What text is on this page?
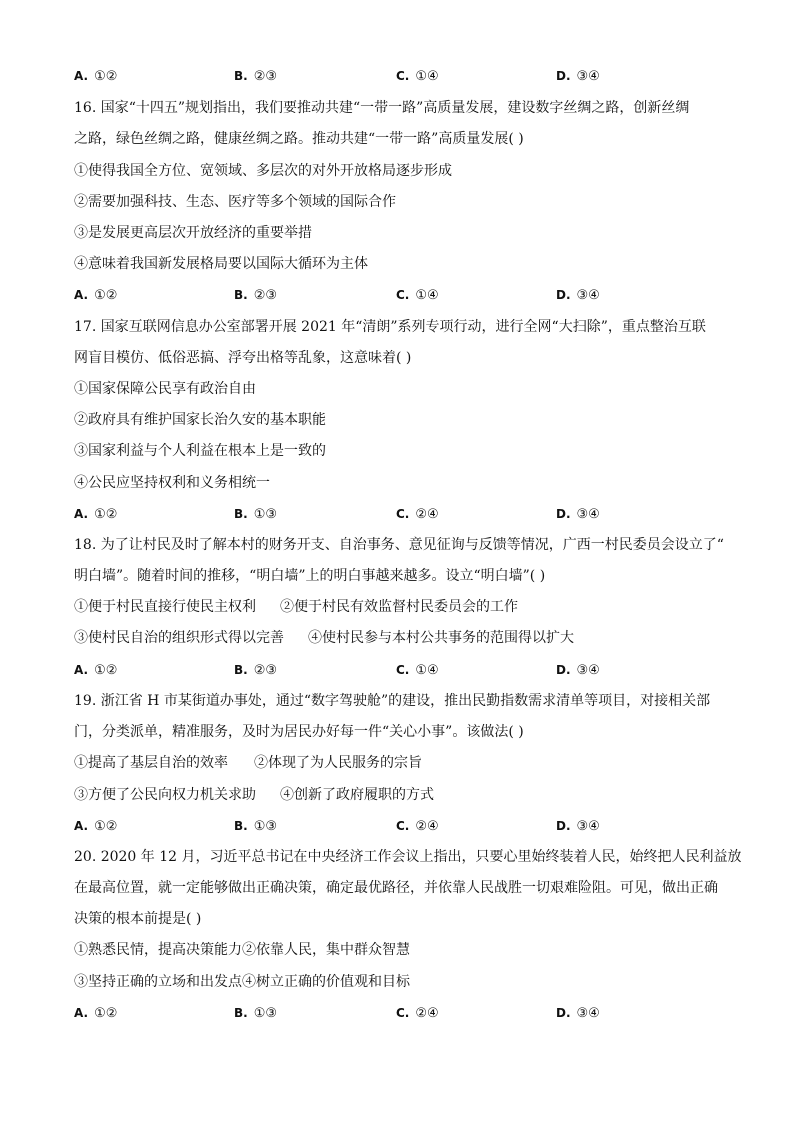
A. ①②	B. ②③	C. ①④	D. ③④
16. 国家“十四五”规划指出，我们要推动共建“一带一路”高质量发展，建设数字丝绸之路，创新丝绸
之路，绿色丝绸之路，健康丝绸之路。推动共建“一带一路”高质量发展( )
①使得我国全方位、宽领域、多层次的对外开放格局逐步形成
②需要加强科技、生态、医疗等多个领域的国际合作
③是发展更高层次开放经济的重要举措
④意味着我国新发展格局要以国际大循环为主体
A. ①②	B. ②③	C. ①④	D. ③④
17. 国家互联网信息办公室部署开展 2021 年“清朗”系列专项行动，进行全网“大扫除”，重点整治互联
网盲目模仿、低俗恶搞、浮夸出格等乱象，这意味着( )
①国家保障公民享有政治自由
②政府具有维护国家长治久安的基本职能
③国家利益与个人利益在根本上是一致的
④公民应坚持权利和义务相统一
A. ①②	B. ①③	C. ②④	D. ③④
18. 为了让村民及时了解本村的财务开支、自治事务、意见征询与反馈等情况，广西一村民委员会设立了“
明白墙”。随着时间的推移，“明白墙”上的明白事越来越多。设立“明白墙”( )
①便于村民直接行使民主权利 ②便于村民有效监督村民委员会的工作
③使村民自治的组织形式得以完善 ④使村民参与本村公共事务的范围得以扩大
A. ①②	B. ②③	C. ①④	D. ③④
19. 浙江省 H 市某街道办事处，通过“数字驾驶舱”的建设，推出民勤指数需求清单等项目，对接相关部
门，分类派单，精准服务，及时为居民办好每一件“关心小事”。该做法( )
①提高了基层自治的效率 ②体现了为人民服务的宗旨
③方便了公民向权力机关求助 ④创新了政府履职的方式
A. ①②	B. ①③	C. ②④	D. ③④
20. 2020 年 12 月，习近平总书记在中央经济工作会议上指出，只要心里始终装着人民，始终把人民利益放
在最高位置，就一定能够做出正确决策，确定最优路径，并依靠人民战胜一切艰难险阻。可见，做出正确
决策的根本前提是( )
①熟悉民情，提高决策能力②依靠人民，集中群众智慧
③坚持正确的立场和出发点④树立正确的价值观和目标
A. ①②	B. ①③	C. ②④	D. ③④
